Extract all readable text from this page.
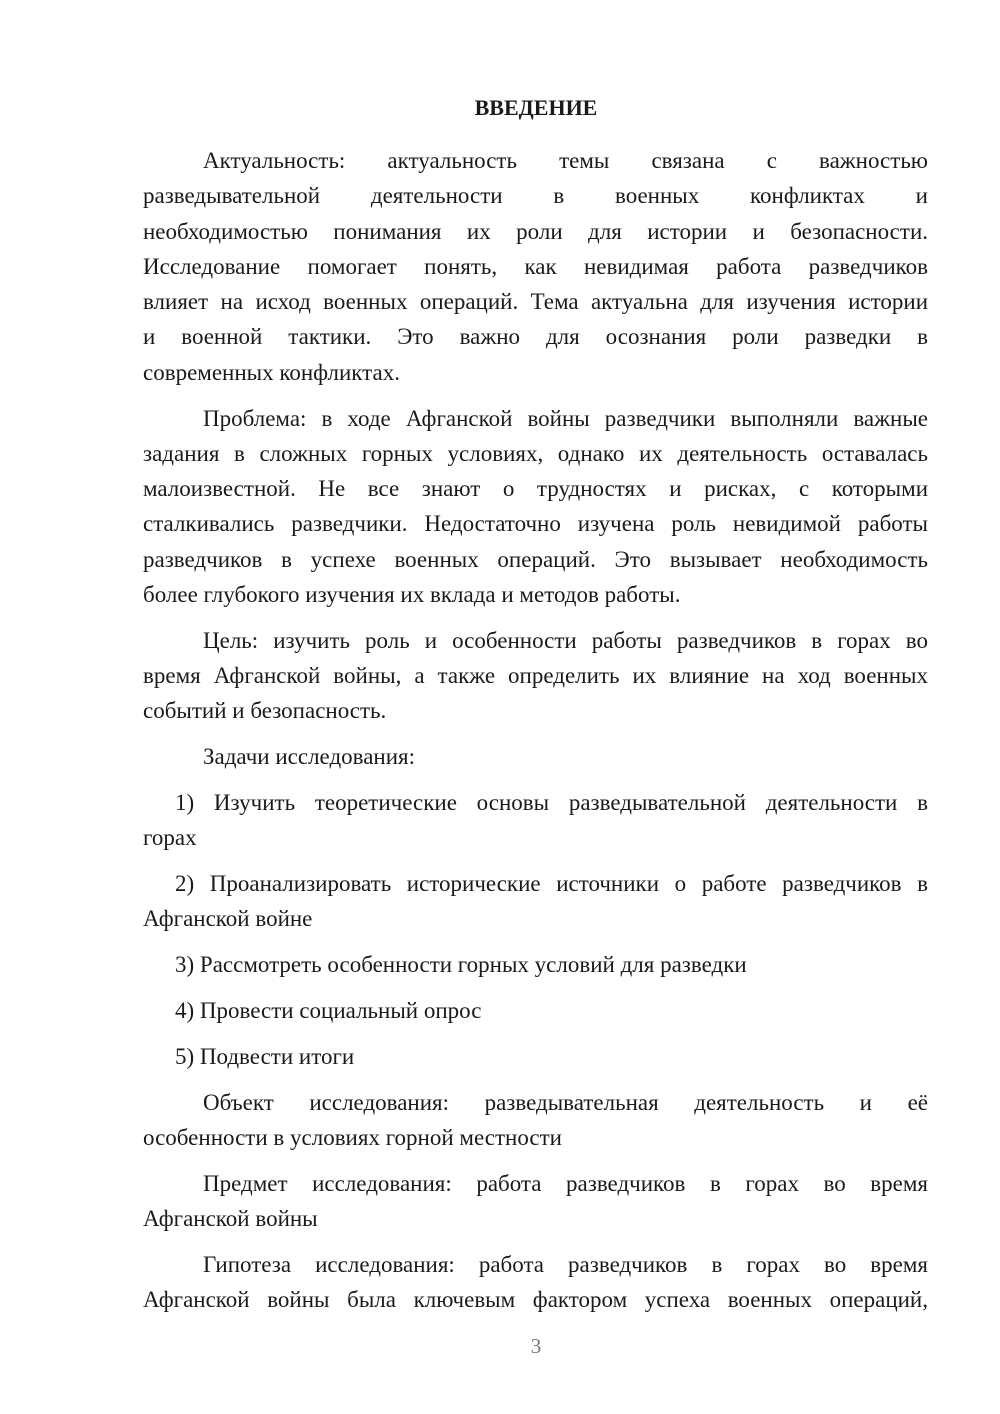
ВВЕДЕНИЕ
Актуальность: актуальность темы связана с важностью
разведывательной деятельности в военных конфликтах и
необходимостью понимания их роли для истории и безопасности.
Исследование помогает понять, как невидимая работа разведчиков
влияет на исход военных операций. Тема актуальна для изучения истории
и военной тактики. Это важно для осознания роли разведки в
современных конфликтах.
Проблема: в ходе Афганской войны разведчики выполняли важные
задания в сложных горных условиях, однако их деятельность оставалась
малоизвестной. Не все знают о трудностях и рисках, с которыми
сталкивались разведчики. Недостаточно изучена роль невидимой работы
разведчиков в успехе военных операций. Это вызывает необходимость
более глубокого изучения их вклада и методов работы.
Цель: изучить роль и особенности работы разведчиков в горах во
время Афганской войны, а также определить их влияние на ход военных
событий и безопасность.
Задачи исследования:
1) Изучить теоретические основы разведывательной деятельности в
горах
2) Проанализировать исторические источники о работе разведчиков в
Афганской войне
3) Рассмотреть особенности горных условий для разведки
4) Провести социальный опрос
5) Подвести итоги
Объект исследования: разведывательная деятельность и её
особенности в условиях горной местности
Предмет исследования: работа разведчиков в горах во время
Афганской войны
Гипотеза исследования: работа разведчиков в горах во время
Афганской войны была ключевым фактором успеха военных операций,
3
